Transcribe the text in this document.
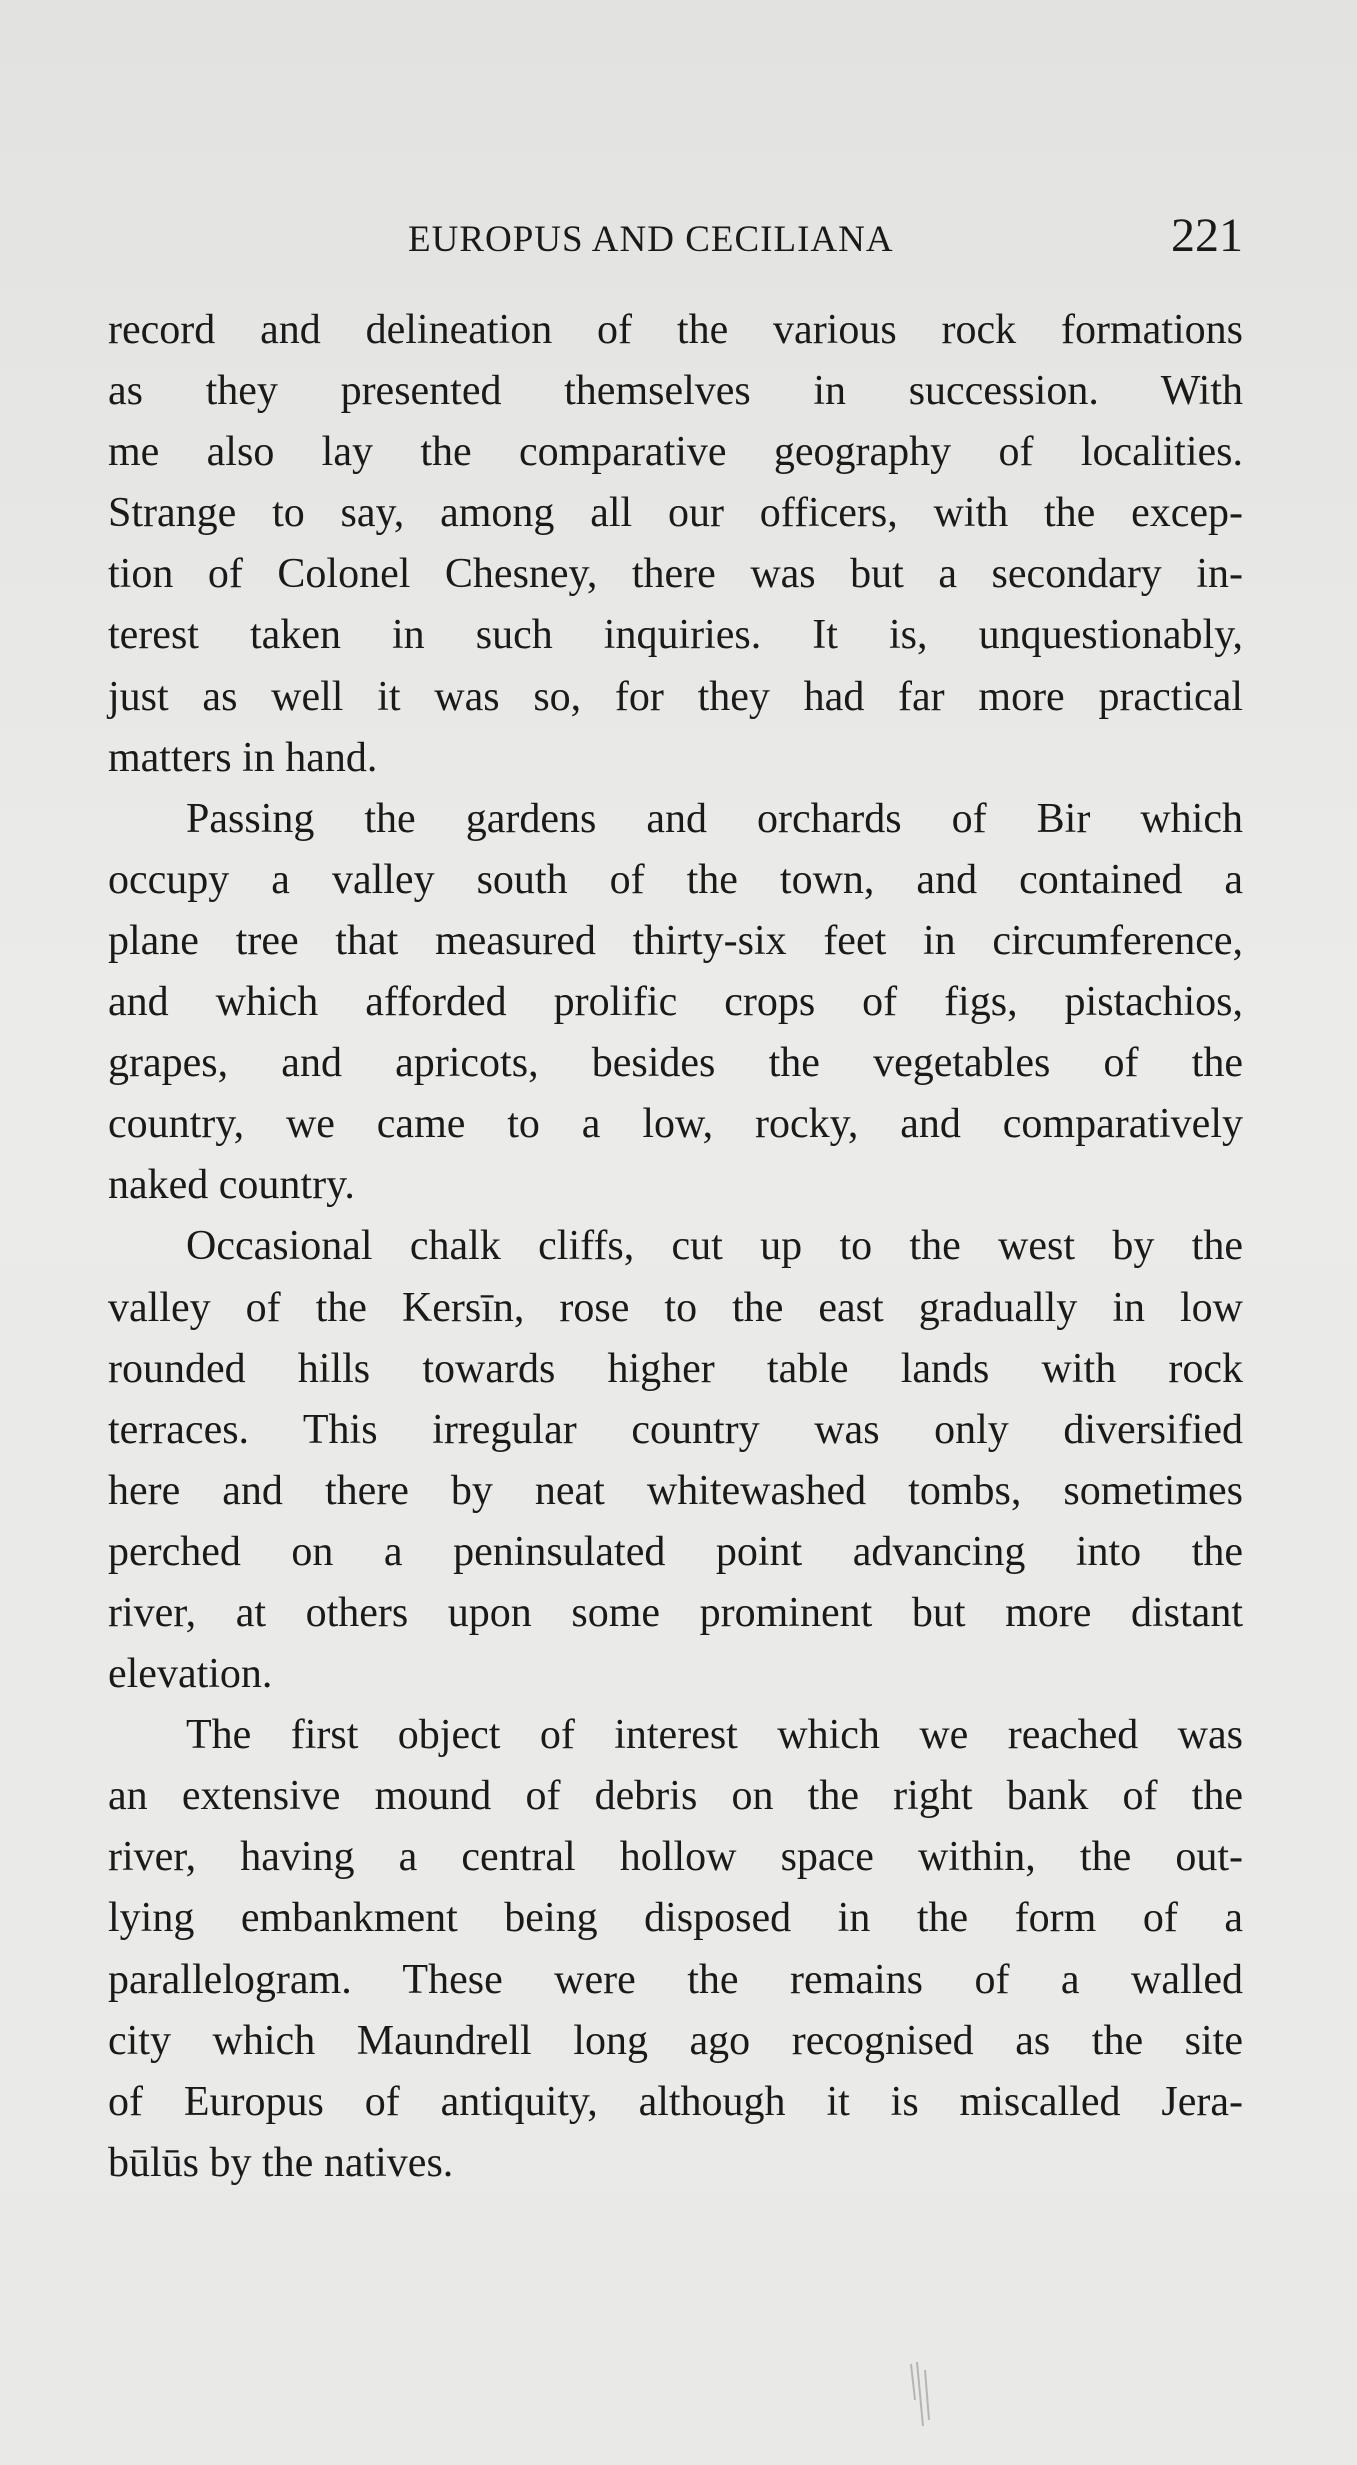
EUROPUS AND CECILIANA	221
record and delineation of the various rock formations
as they presented themselves in succession. With
me also lay the comparative geography of localities.
Strange to say, among all our officers, with the excep-
tion of Colonel Chesney, there was but a secondary in-
terest taken in such inquiries. It is, unquestionably,
just as well it was so, for they had far more practical
matters in hand.
Passing the gardens and orchards of Bir which
occupy a valley south of the town, and contained a
plane tree that measured thirty-six feet in circumference,
and which afforded prolific crops of figs, pistachios,
grapes, and apricots, besides the vegetables of the
country, we came to a low, rocky, and comparatively
naked country.
Occasional chalk cliffs, cut up to the west by the
valley of the Kersīn, rose to the east gradually in low
rounded hills towards higher table lands with rock
terraces. This irregular country was only diversified
here and there by neat whitewashed tombs, sometimes
perched on a peninsulated point advancing into the
river, at others upon some prominent but more distant
elevation.
The first object of interest which we reached was
an extensive mound of debris on the right bank of the
river, having a central hollow space within, the out-
lying embankment being disposed in the form of a
parallelogram. These were the remains of a walled
city which Maundrell long ago recognised as the site
of Europus of antiquity, although it is miscalled Jera-
būlūs by the natives.
